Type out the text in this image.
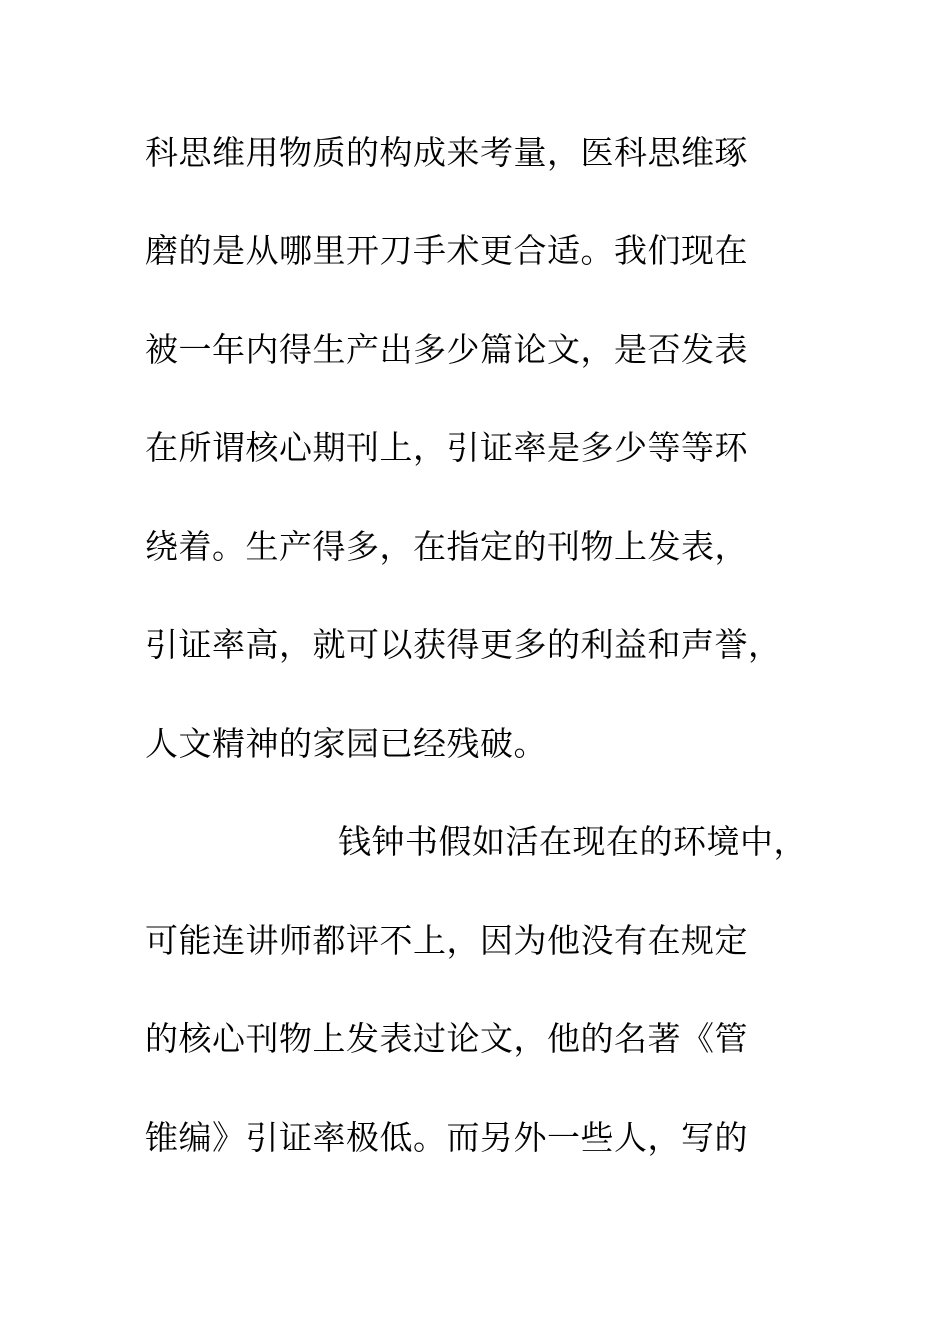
科思维用物质的构成来考量，医科思维琢
磨的是从哪里开刀手术更合适。我们现在
被一年内得生产出多少篇论文，是否发表
在所谓核心期刊上，引证率是多少等等环
绕着。生产得多，在指定的刊物上发表，
引证率高，就可以获得更多的利益和声誉，
人文精神的家园已经残破。
钱钟书假如活在现在的环境中，
可能连讲师都评不上，因为他没有在规定
的核心刊物上发表过论文，他的名著《管
锥编》引证率极低。而另外一些人，写的
